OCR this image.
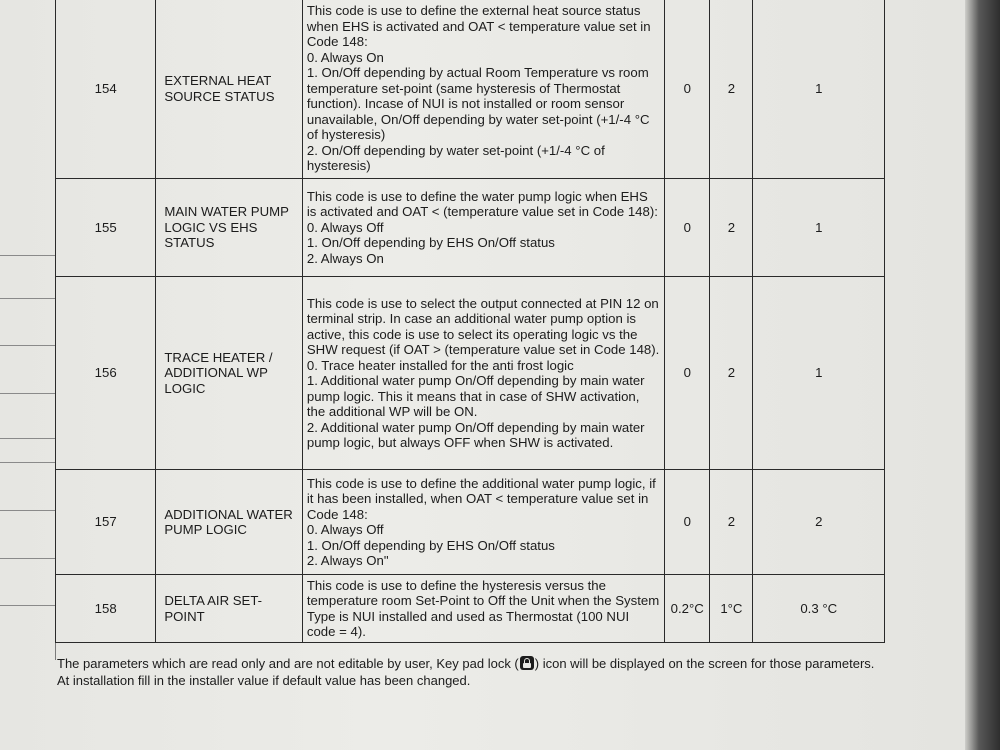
154	EXTERNAL HEAT SOURCE STATUS	This code is use to define the external heat source status when EHS is activated and OAT < temperature value set in Code 148:
0. Always On
1. On/Off depending by actual Room Temperature vs room temperature set-point (same hysteresis of Thermostat function). Incase of NUI is not installed or room sensor unavailable, On/Off depending by water set-point (+1/-4 °C of hysteresis)
2. On/Off depending by water set-point (+1/-4 °C of hysteresis)	0	2	1
155	MAIN WATER PUMP LOGIC VS EHS STATUS	This code is use to define the water pump logic when EHS is activated and OAT < (temperature value set in Code 148):
0. Always Off
1. On/Off depending by EHS On/Off status
2. Always On	0	2	1
156	TRACE HEATER / ADDITIONAL WP LOGIC	This code is use to select the output connected at PIN 12 on terminal strip. In case an additional water pump option is active, this code is use to select its operating logic vs the SHW request (if OAT > (temperature value set in Code 148).
0. Trace heater installed for the anti frost logic
1. Additional water pump On/Off depending by main water pump logic. This it means that in case of SHW activation, the additional WP will be ON.
2. Additional water pump On/Off depending by main water pump logic, but always OFF when SHW is activated.	0	2	1
157	ADDITIONAL WATER PUMP LOGIC	This code is use to define the additional water pump logic, if it has been installed, when OAT < temperature value set in Code 148:
0. Always Off
1. On/Off depending by EHS On/Off status
2. Always On"	0	2	2
158	DELTA AIR SET-POINT	This code is use to define the hysteresis versus the temperature room Set-Point to Off the Unit when the System Type is NUI installed and used as Thermostat (100 NUI code = 4).	0.2°C	1°C	0.3 °C

The parameters which are read only and are not editable by user, Key pad lock ( ) icon will be displayed on the screen for those parameters.

At installation fill in the installer value if default value has been changed.
